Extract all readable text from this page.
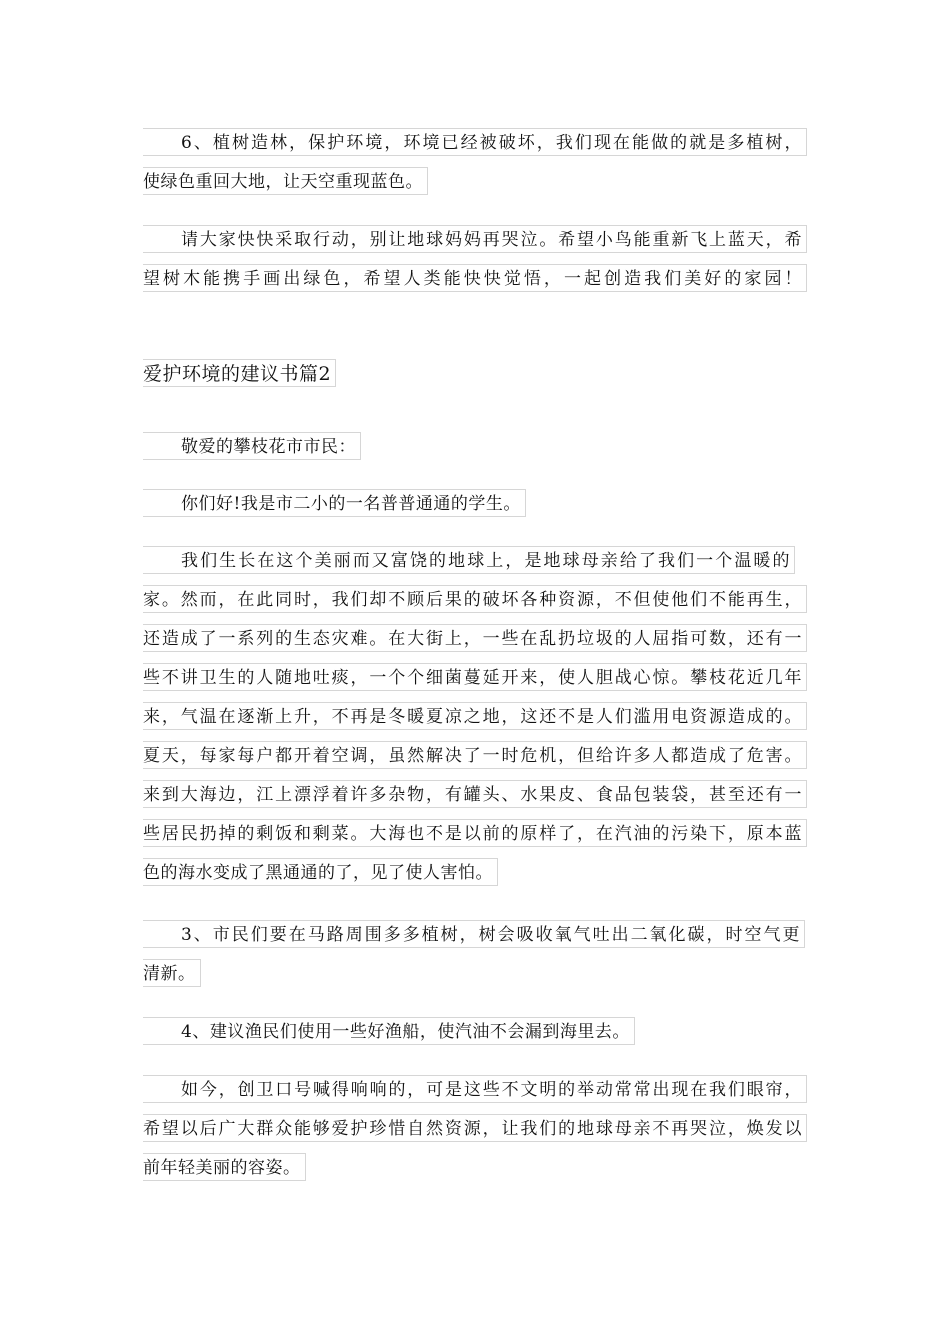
6、植树造林，保护环境，环境已经被破坏，我们现在能做的就是多植树，
使绿色重回大地，让天空重现蓝色。
请大家快快采取行动，别让地球妈妈再哭泣。希望小鸟能重新飞上蓝天，希
望树木能携手画出绿色，希望人类能快快觉悟，一起创造我们美好的家园！
爱护环境的建议书篇2
敬爱的攀枝花市市民：
你们好!我是市二小的一名普普通通的学生。
我们生长在这个美丽而又富饶的地球上，是地球母亲给了我们一个温暖的
家。然而，在此同时，我们却不顾后果的破坏各种资源，不但使他们不能再生，
还造成了一系列的生态灾难。在大街上，一些在乱扔垃圾的人屈指可数，还有一
些不讲卫生的人随地吐痰，一个个细菌蔓延开来，使人胆战心惊。攀枝花近几年
来，气温在逐渐上升，不再是冬暖夏凉之地，这还不是人们滥用电资源造成的。
夏天，每家每户都开着空调，虽然解决了一时危机，但给许多人都造成了危害。
来到大海边，江上漂浮着许多杂物，有罐头、水果皮、食品包装袋，甚至还有一
些居民扔掉的剩饭和剩菜。大海也不是以前的原样了，在汽油的污染下，原本蓝
色的海水变成了黑通通的了，见了使人害怕。
3、市民们要在马路周围多多植树，树会吸收氧气吐出二氧化碳，时空气更
清新。
4、建议渔民们使用一些好渔船，使汽油不会漏到海里去。
如今，创卫口号喊得响响的，可是这些不文明的举动常常出现在我们眼帘，
希望以后广大群众能够爱护珍惜自然资源，让我们的地球母亲不再哭泣，焕发以
前年轻美丽的容姿。
